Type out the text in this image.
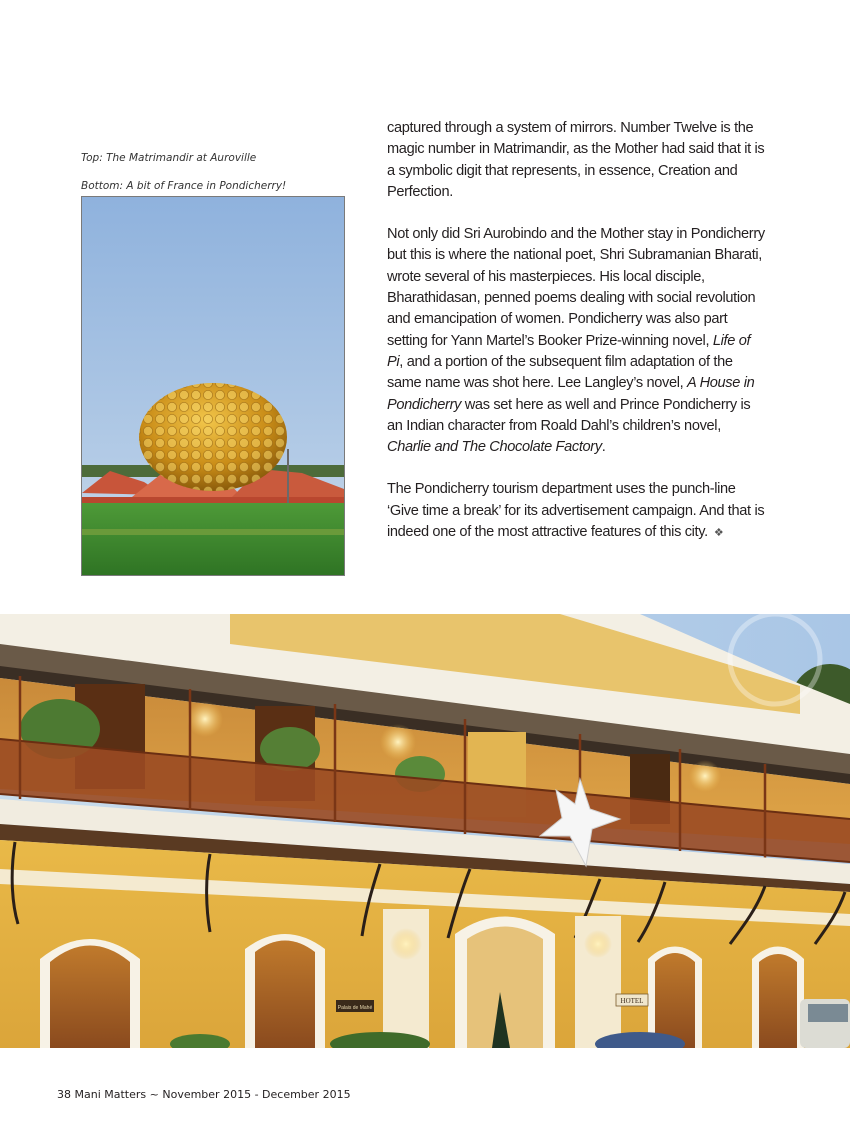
Top: The Matrimandir at Auroville
Bottom: A bit of France in Pondicherry!

captured through a system of mirrors. Number Twelve is the magic number in Matrimandir, as the Mother had said that it is a symbolic digit that represents, in essence, Creation and Perfection.

Not only did Sri Aurobindo and the Mother stay in Pondicherry but this is where the national poet, Shri Subramanian Bharati, wrote several of his masterpieces. His local disciple, Bharathidasan, penned poems dealing with social revolution and emancipation of women. Pondicherry was also part setting for Yann Martel’s Booker Prize-winning novel, Life of Pi, and a portion of the subsequent film adaptation of the same name was shot here. Lee Langley’s novel, A House in Pondicherry was set here as well and Prince Pondicherry is an Indian character from Roald Dahl’s children’s novel, Charlie and The Chocolate Factory.

The Pondicherry tourism department uses the punch-line ‘Give time a break’ for its advertisement campaign. And that is indeed one of the most attractive features of this city. ❖

Palais de Mahé
HOTEL
38 Mani Matters ~ November 2015 - December 2015
